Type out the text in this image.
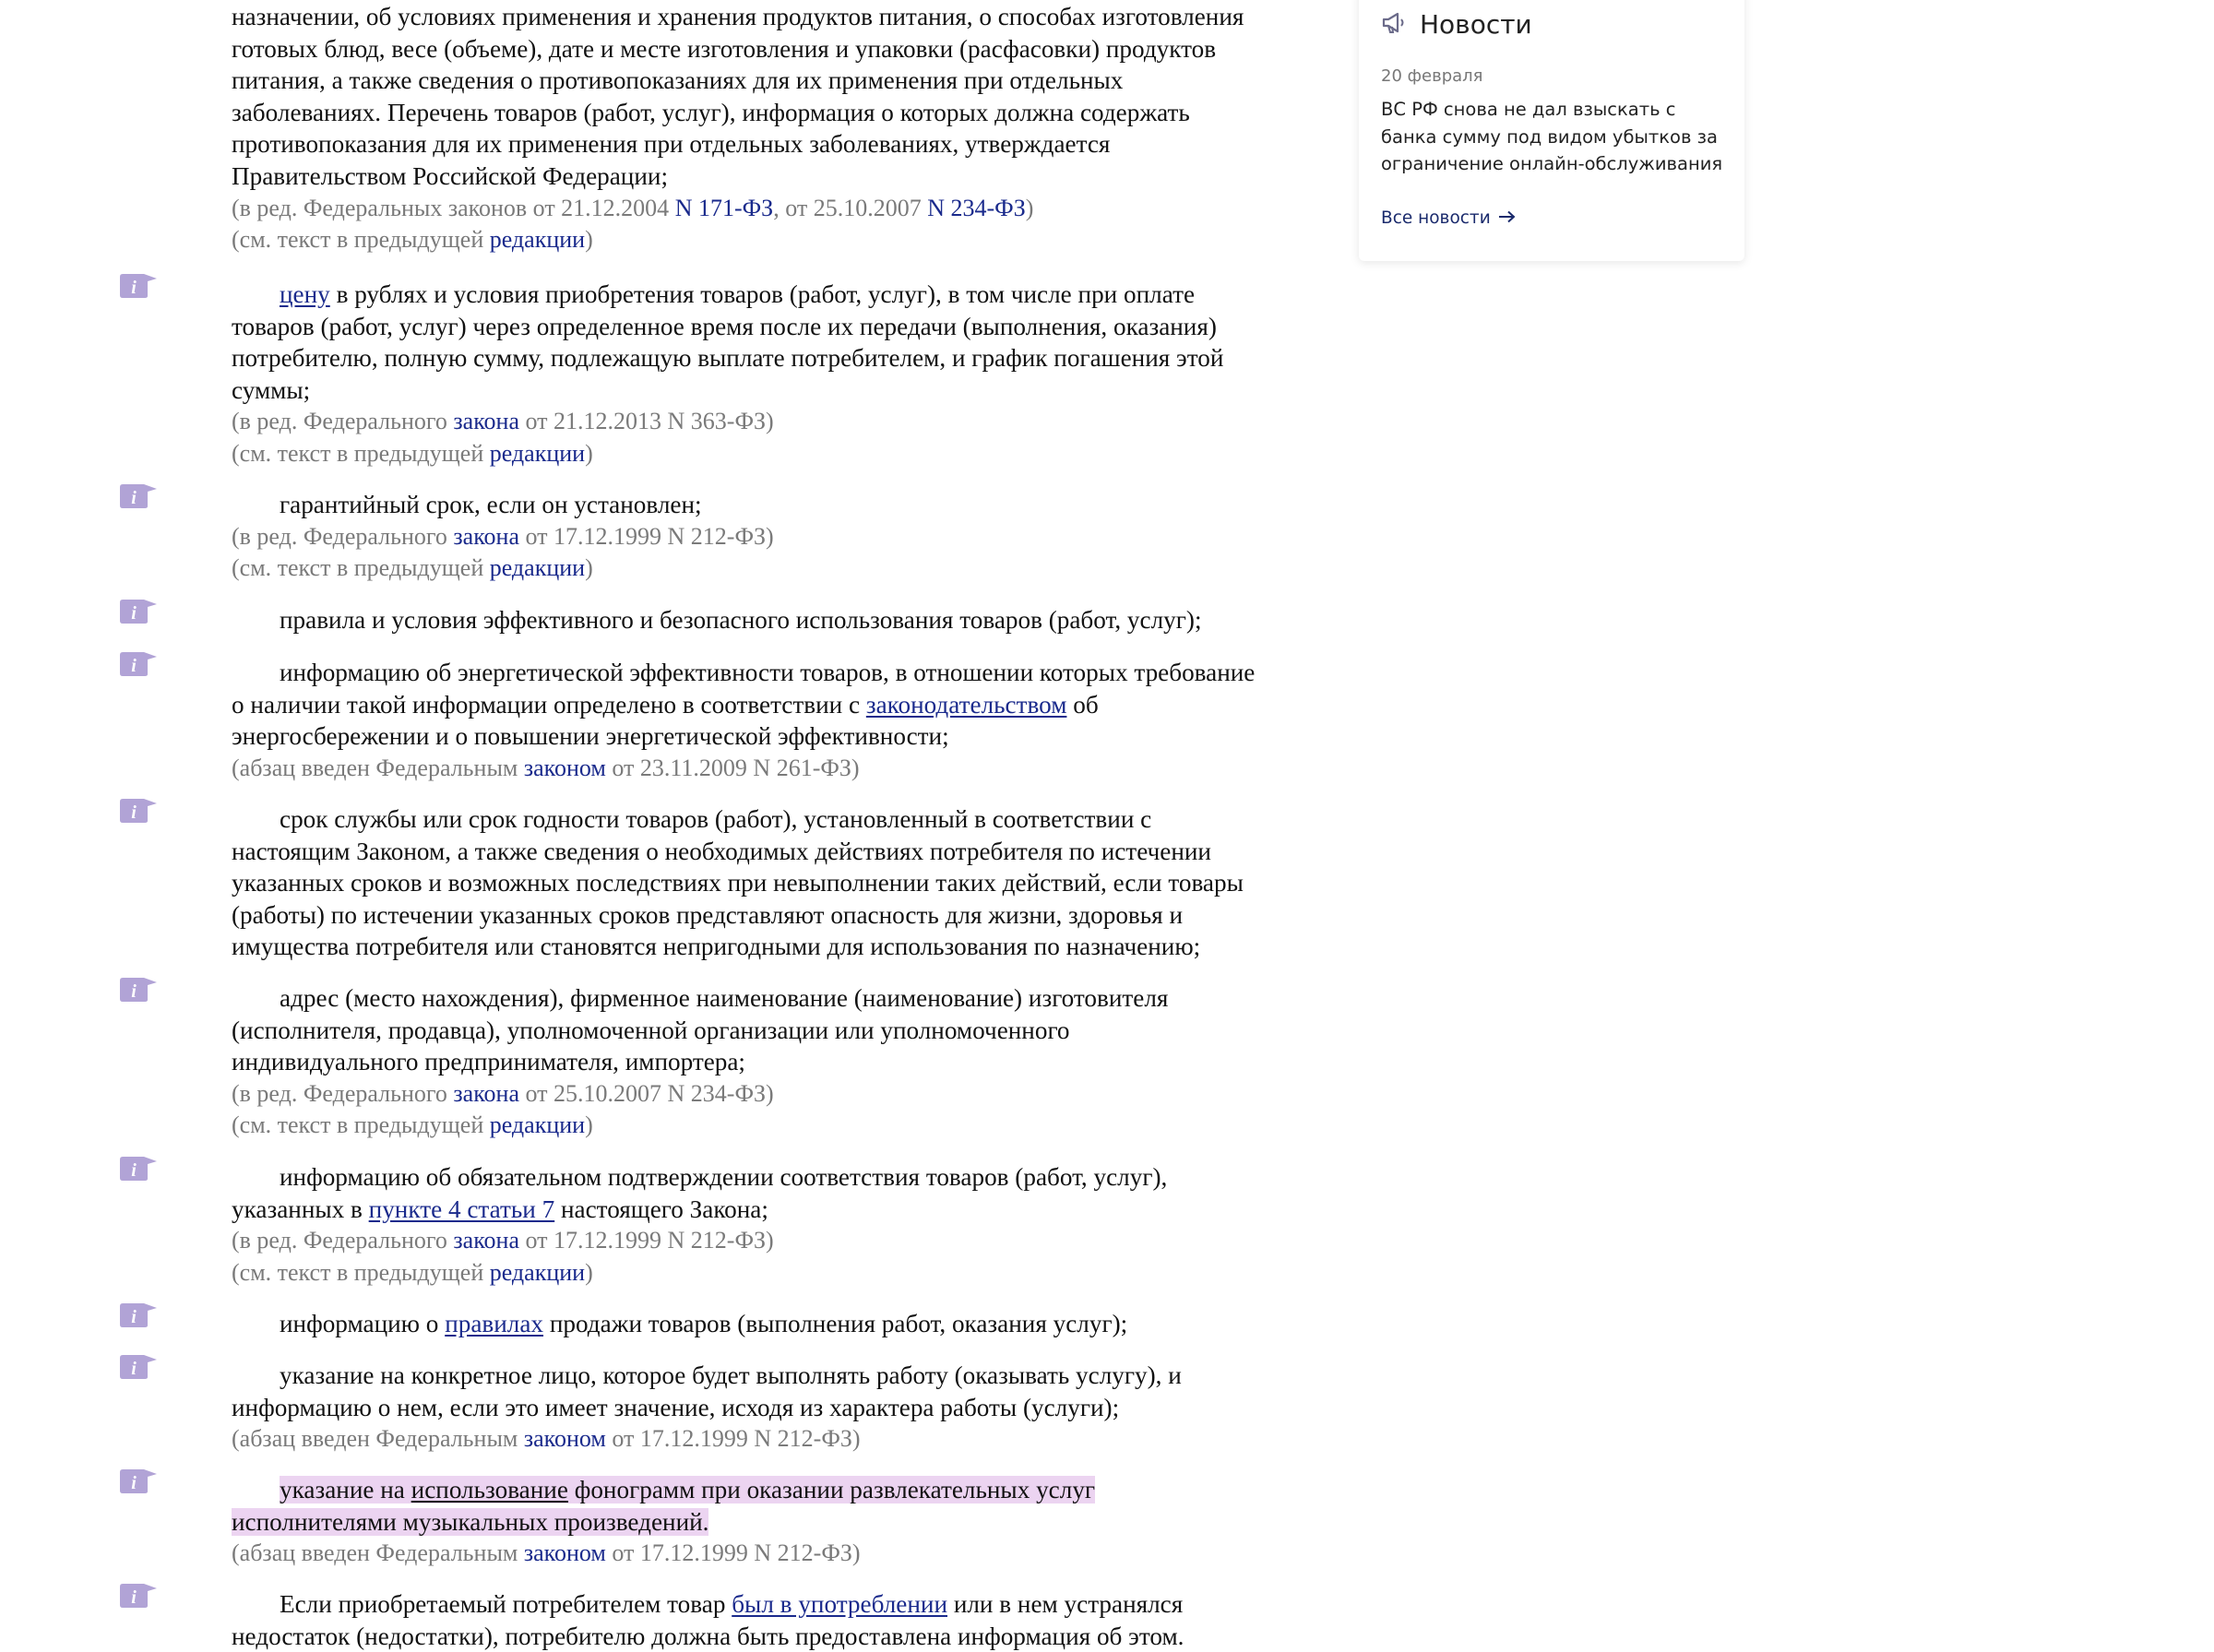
назначении, об условиях применения и хранения продуктов питания, о способах изготовления

готовых блюд, весе (объеме), дате и месте изготовления и упаковки (расфасовки) продуктов

питания, а также сведения о противопоказаниях для их применения при отдельных

заболеваниях. Перечень товаров (работ, услуг), информация о которых должна содержать

противопоказания для их применения при отдельных заболеваниях, утверждается

Правительством Российской Федерации;

(в ред. Федеральных законов от 21.12.2004 N 171-ФЗ, от 25.10.2007 N 234-ФЗ)

(см. текст в предыдущей редакции)

i	цену в рублях и условия приобретения товаров (работ, услуг), в том числе при оплате

товаров (работ, услуг) через определенное время после их передачи (выполнения, оказания)

потребителю, полную сумму, подлежащую выплате потребителем, и график погашения этой

суммы;

(в ред. Федерального закона от 21.12.2013 N 363-ФЗ)

(см. текст в предыдущей редакции)

i	гарантийный срок, если он установлен;

(в ред. Федерального закона от 17.12.1999 N 212-ФЗ)

(см. текст в предыдущей редакции)

i	правила и условия эффективного и безопасного использования товаров (работ, услуг);

i	информацию об энергетической эффективности товаров, в отношении которых требование

о наличии такой информации определено в соответствии с законодательством об

энергосбережении и о повышении энергетической эффективности;

(абзац введен Федеральным законом от 23.11.2009 N 261-ФЗ)

i	срок службы или срок годности товаров (работ), установленный в соответствии с

настоящим Законом, а также сведения о необходимых действиях потребителя по истечении

указанных сроков и возможных последствиях при невыполнении таких действий, если товары

(работы) по истечении указанных сроков представляют опасность для жизни, здоровья и

имущества потребителя или становятся непригодными для использования по назначению;

i	адрес (место нахождения), фирменное наименование (наименование) изготовителя

(исполнителя, продавца), уполномоченной организации или уполномоченного

индивидуального предпринимателя, импортера;

(в ред. Федерального закона от 25.10.2007 N 234-ФЗ)

(см. текст в предыдущей редакции)

i	информацию об обязательном подтверждении соответствия товаров (работ, услуг),

указанных в пункте 4 статьи 7 настоящего Закона;

(в ред. Федерального закона от 17.12.1999 N 212-ФЗ)

(см. текст в предыдущей редакции)

i	информацию о правилах продажи товаров (выполнения работ, оказания услуг);

i	указание на конкретное лицо, которое будет выполнять работу (оказывать услугу), и

информацию о нем, если это имеет значение, исходя из характера работы (услуги);

(абзац введен Федеральным законом от 17.12.1999 N 212-ФЗ)

i	указание на использование фонограмм при оказании развлекательных услуг

исполнителями музыкальных произведений.

(абзац введен Федеральным законом от 17.12.1999 N 212-ФЗ)

i	Если приобретаемый потребителем товар был в употреблении или в нем устранялся

недостаток (недостатки), потребителю должна быть предоставлена информация об этом.

Новости
20 февраля
ВС РФ снова не дал взыскать с банка сумму под видом убытков за ограничение онлайн-обслуживания
Все новости
